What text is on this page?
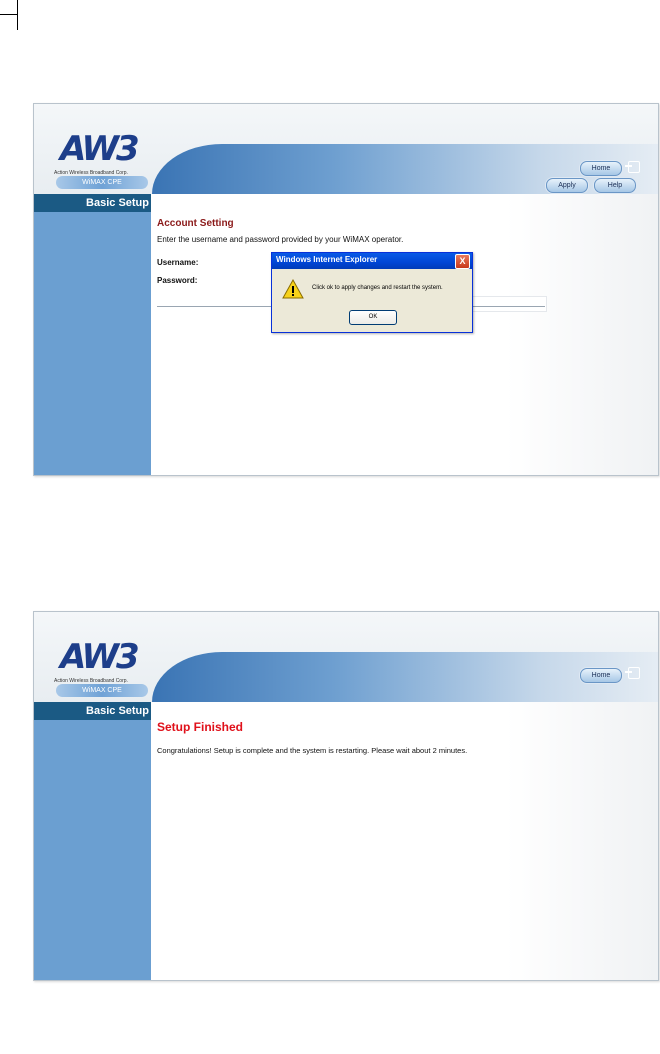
AW3
Action Wireless Broadband Corp.
WiMAX CPE
Home
Apply	Help
Basic Setup
Account Setting
Enter the username and password provided by your WiMAX operator.
Username:
Password:
Windows Internet Explorer	X
Click ok to apply changes and restart the system.
OK
AW3
Action Wireless Broadband Corp.
WiMAX CPE
Home
Basic Setup
Setup Finished
Congratulations! Setup is complete and the system is restarting. Please wait about 2 minutes.
